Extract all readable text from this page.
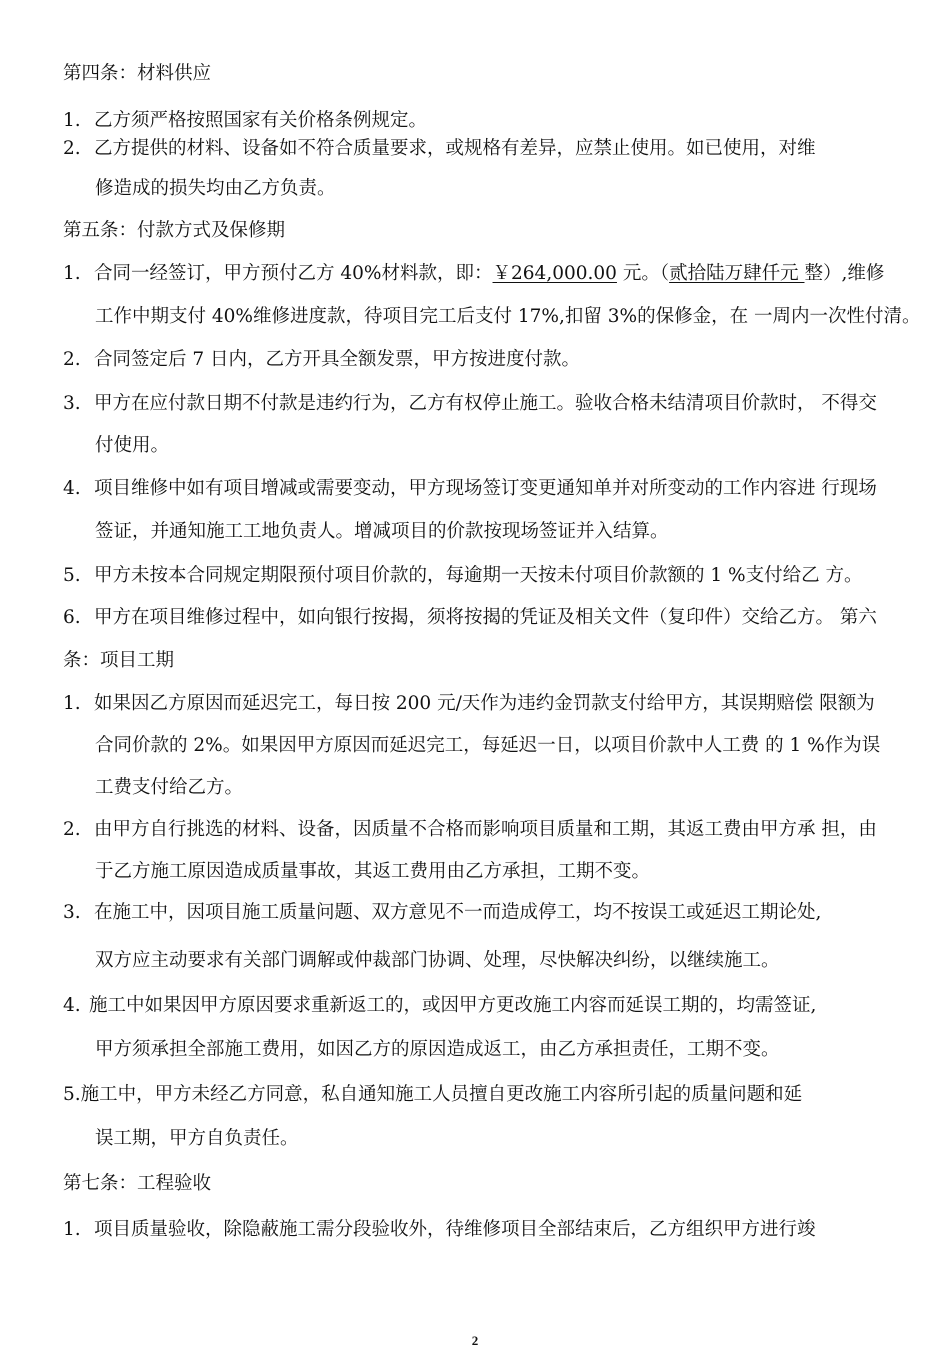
第四条：材料供应
1. 乙方须严格按照国家有关价格条例规定。
2. 乙方提供的材料、设备如不符合质量要求，或规格有差异，应禁止使用。如已使用，对维
修造成的损失均由乙方负责。
第五条：付款方式及保修期
1. 合同一经签订，甲方预付乙方 40%材料款，即：￥264,000.00 元。（贰拾陆万肆仟元 整）,维修
工作中期支付 40%维修进度款，待项目完工后支付 17%,扣留 3%的保修金，在 一周内一次性付清。
2. 合同签定后 7 日内，乙方开具全额发票，甲方按进度付款。
3. 甲方在应付款日期不付款是违约行为，乙方有权停止施工。验收合格未结清项目价款时， 不得交
付使用。
4. 项目维修中如有项目增减或需要变动，甲方现场签订变更通知单并对所变动的工作内容进 行现场
签证，并通知施工工地负责人。增减项目的价款按现场签证并入结算。
5. 甲方未按本合同规定期限预付项目价款的，每逾期一天按未付项目价款额的 1 %支付给乙 方。
6. 甲方在项目维修过程中，如向银行按揭，须将按揭的凭证及相关文件（复印件）交给乙方。 第六
条：项目工期
1. 如果因乙方原因而延迟完工，每日按 200 元/天作为违约金罚款支付给甲方，其误期赔偿 限额为
合同价款的 2%。如果因甲方原因而延迟完工，每延迟一日，以项目价款中人工费 的 1 %作为误
工费支付给乙方。
2. 由甲方自行挑选的材料、设备，因质量不合格而影响项目质量和工期，其返工费由甲方承 担，由
于乙方施工原因造成质量事故，其返工费用由乙方承担，工期不变。
3. 在施工中，因项目施工质量问题、双方意见不一而造成停工，均不按误工或延迟工期论处,
双方应主动要求有关部门调解或仲裁部门协调、处理，尽快解决纠纷，以继续施工。
4. 施工中如果因甲方原因要求重新返工的，或因甲方更改施工内容而延误工期的，均需签证,
甲方须承担全部施工费用，如因乙方的原因造成返工，由乙方承担责任，工期不变。
5.施工中，甲方未经乙方同意，私自通知施工人员擅自更改施工内容所引起的质量问题和延
误工期，甲方自负责任。
第七条：工程验收
1. 项目质量验收，除隐蔽施工需分段验收外，待维修项目全部结束后，乙方组织甲方进行竣
2
